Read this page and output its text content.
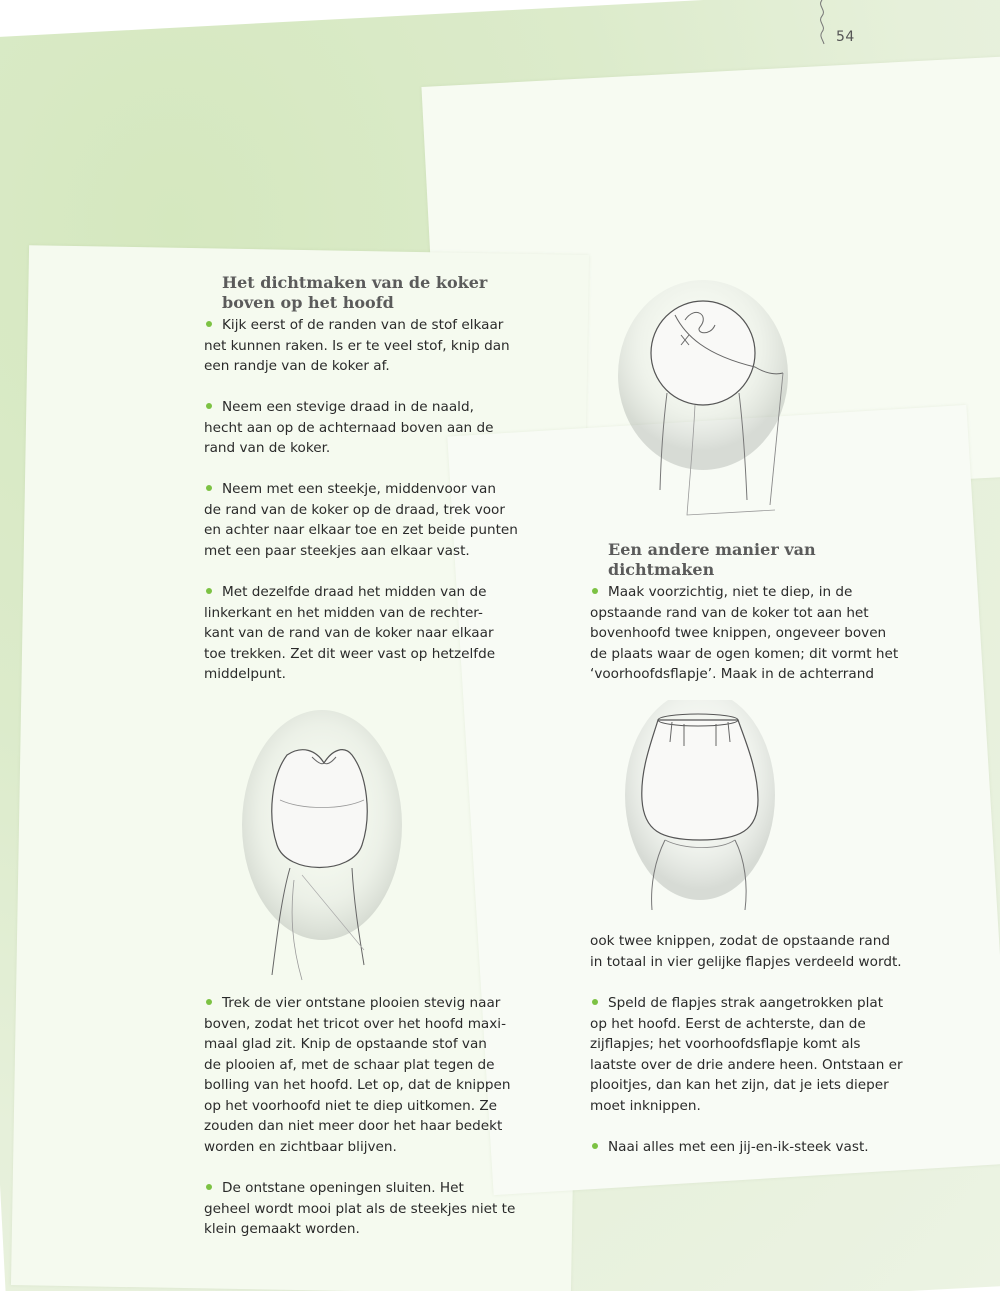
54
Het dichtmaken van de koker
boven op het hoofd
Kijk eerst of de randen van de stof elkaar
net kunnen raken. Is er te veel stof, knip dan
een randje van de koker af.
Neem een stevige draad in de naald,
hecht aan op de achternaad boven aan de
rand van de koker.
Neem met een steekje, middenvoor van
de rand van de koker op de draad, trek voor
en achter naar elkaar toe en zet beide punten
met een paar steekjes aan elkaar vast.
Met dezelfde draad het midden van de
linkerkant en het midden van de rechter-
kant van de rand van de koker naar elkaar
toe trekken. Zet dit weer vast op hetzelfde
middelpunt.
Trek de vier ontstane plooien stevig naar
boven, zodat het tricot over het hoofd maxi-
maal glad zit. Knip de opstaande stof van
de plooien af, met de schaar plat tegen de
bolling van het hoofd. Let op, dat de knippen
op het voorhoofd niet te diep uitkomen. Ze
zouden dan niet meer door het haar bedekt
worden en zichtbaar blijven.
De ontstane openingen sluiten. Het
geheel wordt mooi plat als de steekjes niet te
klein gemaakt worden.
Een andere manier van
dichtmaken
Maak voorzichtig, niet te diep, in de
opstaande rand van de koker tot aan het
bovenhoofd twee knippen, ongeveer boven
de plaats waar de ogen komen; dit vormt het
‘voorhoofdsflapje’. Maak in de achterrand
ook twee knippen, zodat de opstaande rand
in totaal in vier gelijke flapjes verdeeld wordt.
Speld de flapjes strak aangetrokken plat
op het hoofd. Eerst de achterste, dan de
zijflapjes; het voorhoofdsflapje komt als
laatste over de drie andere heen. Ontstaan er
plooitjes, dan kan het zijn, dat je iets dieper
moet inknippen.
Naai alles met een jij-en-ik-steek vast.
